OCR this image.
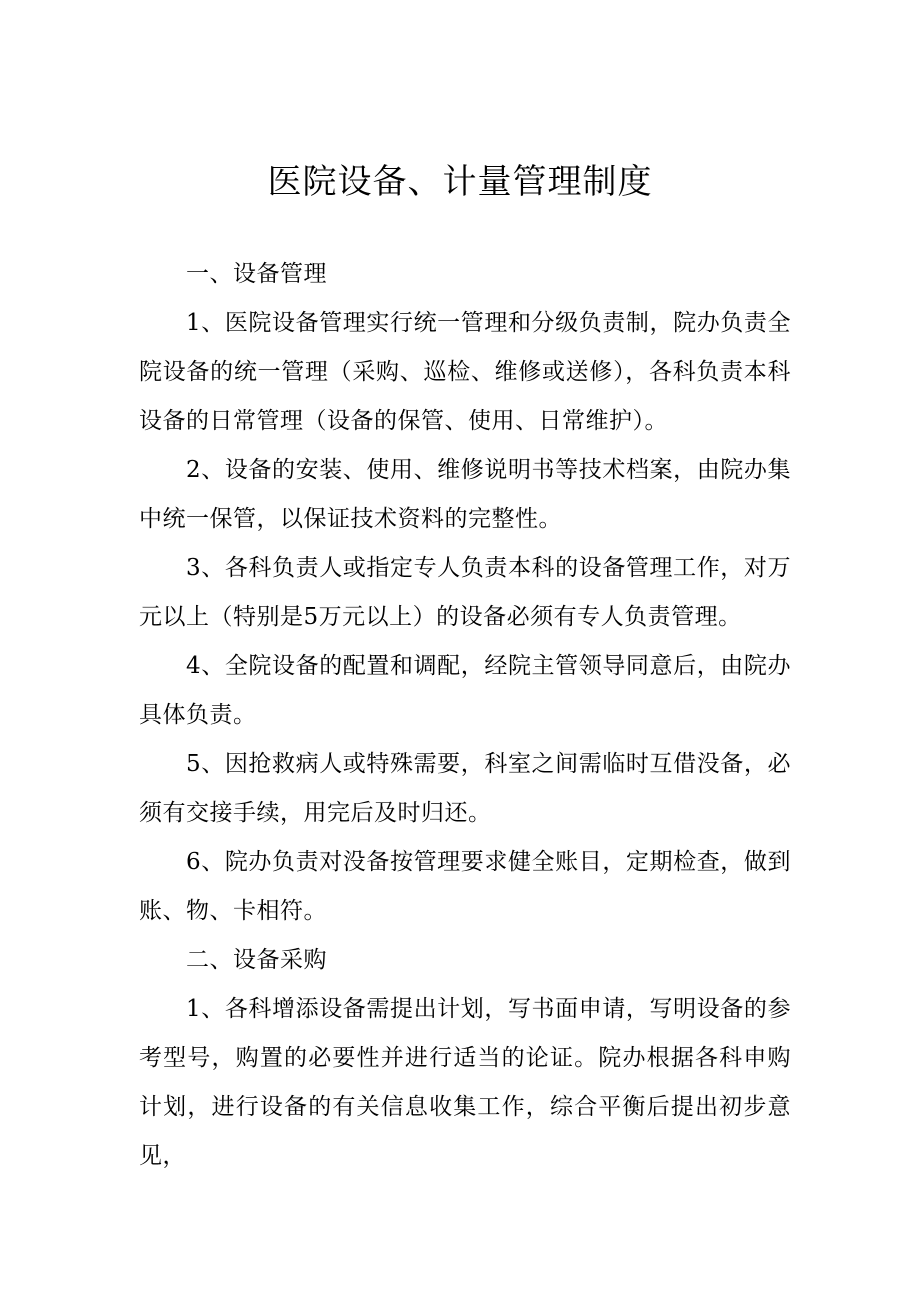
医院设备、计量管理制度

一、设备管理

1、医院设备管理实行统一管理和分级负责制，院办负责全院设备的统一管理（采购、巡检、维修或送修），各科负责本科设备的日常管理（设备的保管、使用、日常维护）。

2、设备的安装、使用、维修说明书等技术档案，由院办集中统一保管，以保证技术资料的完整性。

3、各科负责人或指定专人负责本科的设备管理工作，对万元以上（特别是5万元以上）的设备必须有专人负责管理。

4、全院设备的配置和调配，经院主管领导同意后，由院办具体负责。

5、因抢救病人或特殊需要，科室之间需临时互借没备，必须有交接手续，用完后及时归还。

6、院办负责对没备按管理要求健全账目，定期检查，做到账、物、卡相符。

二、设备采购

1、各科增添设备需提出计划，写书面申请，写明设备的参考型号，购置的必要性并进行适当的论证。院办根据各科申购计划，进行设备的有关信息收集工作，综合平衡后提出初步意见，
